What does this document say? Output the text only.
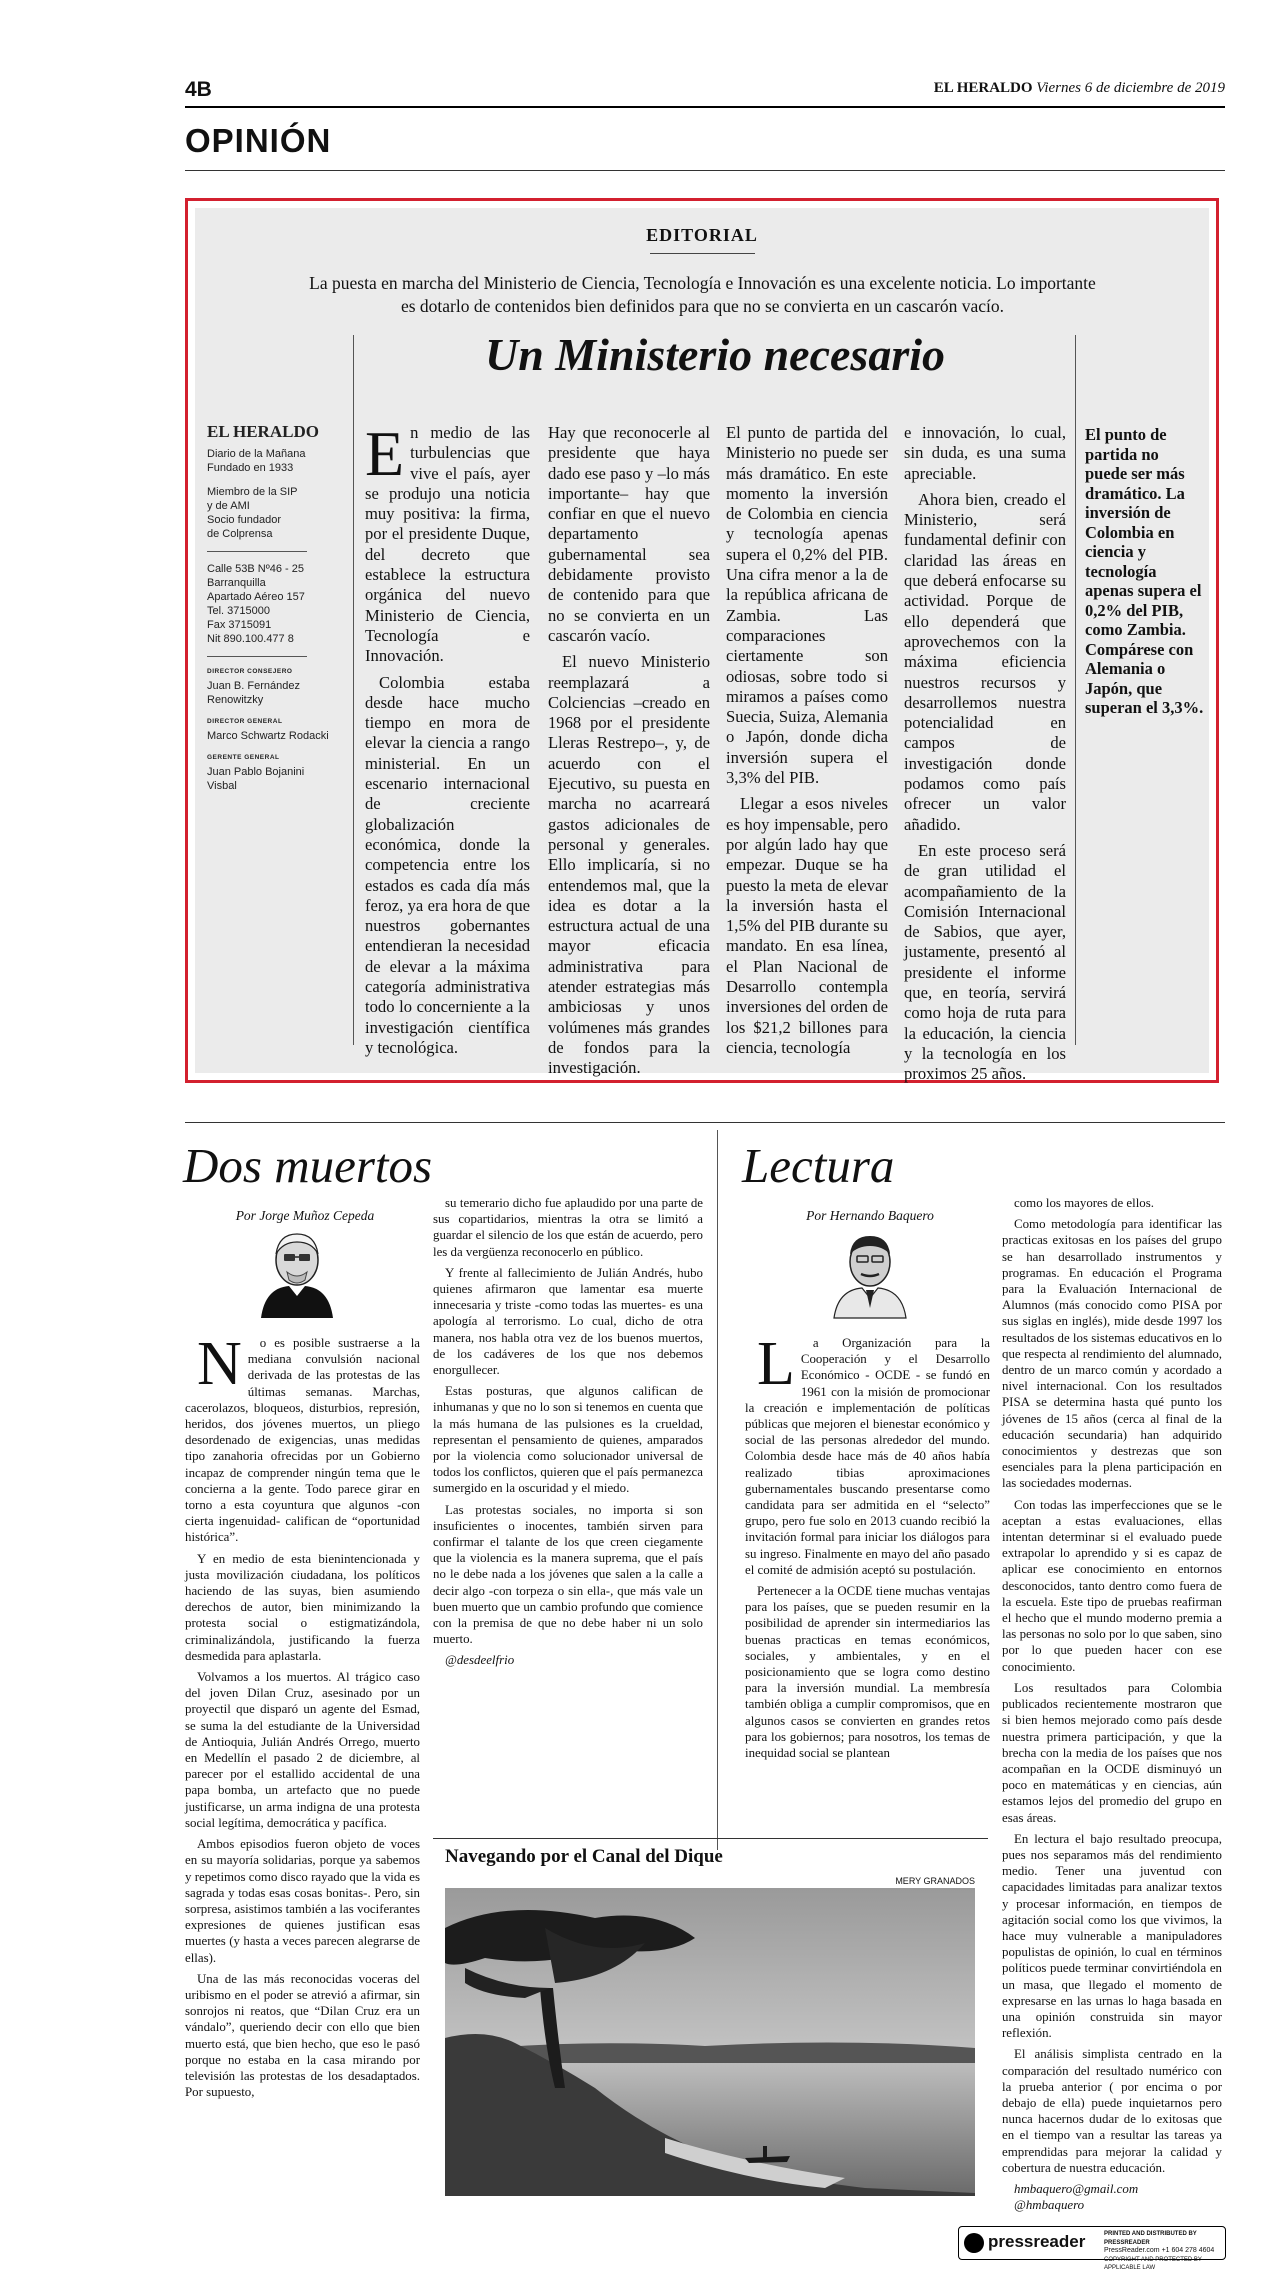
4B	EL HERALDO Viernes 6 de diciembre de 2019
OPINIÓN
EDITORIAL
La puesta en marcha del Ministerio de Ciencia, Tecnología e Innovación es una excelente noticia. Lo importante es dotarlo de contenidos bien definidos para que no se convierta en un cascarón vacío.
Un Ministerio necesario
EL HERALDO
Diario de la Mañana
Fundado en 1933
Miembro de la SIP
y de AMI
Socio fundador
de Colprensa
Calle 53B Nº46 - 25
Barranquilla
Apartado Aéreo 157
Tel. 3715000
Fax 3715091
Nit 890.100.477 8
DIRECTOR CONSEJERO
Juan B. Fernández Renowitzky
DIRECTOR GENERAL
Marco Schwartz Rodacki
GERENTE GENERAL
Juan Pablo Bojanini Visbal

En medio de las turbulencias que vive el país, ayer se produjo una noticia muy positiva: la firma, por el presidente Duque, del decreto que establece la estructura orgánica del nuevo Ministerio de Ciencia, Tecnología e Innovación.

Colombia estaba desde hace mucho tiempo en mora de elevar la ciencia a rango ministerial. En un escenario internacional de creciente globalización económica, donde la competencia entre los estados es cada día más feroz, ya era hora de que nuestros gobernantes entendieran la necesidad de elevar a la máxima categoría administrativa todo lo concerniente a la investigación científica y tecnológica.

Hay que reconocerle al presidente que haya dado ese paso y –lo más importante– hay que confiar en que el nuevo departamento gubernamental sea debidamente provisto de contenido para que no se convierta en un cascarón vacío.

El nuevo Ministerio reemplazará a Colciencias –creado en 1968 por el presidente Lleras Restrepo–, y, de acuerdo con el Ejecutivo, su puesta en marcha no acarreará gastos adicionales de personal y generales. Ello implicaría, si no entendemos mal, que la idea es dotar a la estructura actual de una mayor eficacia administrativa para atender estrategias más ambiciosas y unos volúmenes más grandes de fondos para la investigación.

El punto de partida del Ministerio no puede ser más dramático. En este momento la inversión de Colombia en ciencia y tecnología apenas supera el 0,2% del PIB. Una cifra menor a la de la república africana de Zambia. Las comparaciones ciertamente son odiosas, sobre todo si miramos a países como Suecia, Suiza, Alemania o Japón, donde dicha inversión supera el 3,3% del PIB.

Llegar a esos niveles es hoy impensable, pero por algún lado hay que empezar. Duque se ha puesto la meta de elevar la inversión hasta el 1,5% del PIB durante su mandato. En esa línea, el Plan Nacional de Desarrollo contempla inversiones del orden de los $21,2 billones para ciencia, tecnología

e innovación, lo cual, sin duda, es una suma apreciable.

Ahora bien, creado el Ministerio, será fundamental definir con claridad las áreas en que deberá enfocarse su actividad. Porque de ello dependerá que aprovechemos con la máxima eficiencia nuestros recursos y desarrollemos nuestra potencialidad en campos de investigación donde podamos como país ofrecer un valor añadido.

En este proceso será de gran utilidad el acompañamiento de la Comisión Internacional de Sabios, que ayer, justamente, presentó al presidente el informe que, en teoría, servirá como hoja de ruta para la educación, la ciencia y la tecnología en los proximos 25 años.

El punto de partida no puede ser más dramático. La inversión de Colombia en ciencia y tecnología apenas supera el 0,2% del PIB, como Zambia. Compárese con Alemania o Japón, que superan el 3,3%.
Dos muertos
Por Jorge Muñoz Cepeda

N	o es posible sustraerse a la mediana convulsión nacional derivada de las protestas de las últimas semanas. Marchas, cacerolazos, bloqueos, disturbios, represión, heridos, dos jóvenes muertos, un pliego desordenado de exigencias, unas medidas tipo zanahoria ofrecidas por un Gobierno incapaz de comprender ningún tema que le concierna a la gente. Todo parece girar en torno a esta coyuntura que algunos -con cierta ingenuidad- califican de “oportunidad histórica”.

Y en medio de esta bienintencionada y justa movilización ciudadana, los políticos haciendo de las suyas, bien asumiendo derechos de autor, bien minimizando la protesta social o estigmatizándola, criminalizándola, justificando la fuerza desmedida para aplastarla.

Volvamos a los muertos. Al trágico caso del joven Dilan Cruz, asesinado por un proyectil que disparó un agente del Esmad, se suma la del estudiante de la Universidad de Antioquia, Julián Andrés Orrego, muerto en Medellín el pasado 2 de diciembre, al parecer por el estallido accidental de una papa bomba, un artefacto que no puede justificarse, un arma indigna de una protesta social legítima, democrática y pacífica.

Ambos episodios fueron objeto de voces en su mayoría solidarias, porque ya sabemos y repetimos como disco rayado que la vida es sagrada y todas esas cosas bonitas-. Pero, sin sorpresa, asistimos también a las vociferantes expresiones de quienes justifican esas muertes (y hasta a veces parecen alegrarse de ellas).

Una de las más reconocidas voceras del uribismo en el poder se atrevió a afirmar, sin sonrojos ni reatos, que “Dilan Cruz era un vándalo”, queriendo decir con ello que bien muerto está, que bien hecho, que eso le pasó porque no estaba en la casa mirando por televisión las protestas de los desadaptados. Por supuesto,

su temerario dicho fue aplaudido por una parte de sus copartidarios, mientras la otra se limitó a guardar el silencio de los que están de acuerdo, pero les da vergüenza reconocerlo en público.

Y frente al fallecimiento de Julián Andrés, hubo quienes afirmaron que lamentar esa muerte innecesaria y triste -como todas las muertes- es una apología al terrorismo. Lo cual, dicho de otra manera, nos habla otra vez de los buenos muertos, de los cadáveres de los que nos debemos enorgullecer.

Estas posturas, que algunos califican de inhumanas y que no lo son si tenemos en cuenta que la más humana de las pulsiones es la crueldad, representan el pensamiento de quienes, amparados por la violencia como solucionador universal de todos los conflictos, quieren que el país permanezca sumergido en la oscuridad y el miedo.

Las protestas sociales, no importa si son insuficientes o inocentes, también sirven para confirmar el talante de los que creen ciegamente que la violencia es la manera suprema, que el país no le debe nada a los jóvenes que salen a la calle a decir algo -con torpeza o sin ella-, que más vale un buen muerto que un cambio profundo que comience con la premisa de que no debe haber ni un solo muerto.

@desdeelfrio

Lectura
Por Hernando Baquero

L	a Organización para la Cooperación y el Desarrollo Económico - OCDE - se fundó en 1961 con la misión de promocionar la creación e implementación de políticas públicas que mejoren el bienestar económico y social de las personas alrededor del mundo. Colombia desde hace más de 40 años había realizado tibias aproximaciones gubernamentales buscando presentarse como candidata para ser admitida en el “selecto” grupo, pero fue solo en 2013 cuando recibió la invitación formal para iniciar los diálogos para su ingreso. Finalmente en mayo del año pasado el comité de admisión aceptó su postulación.

Pertenecer a la OCDE tiene muchas ventajas para los países, que se pueden resumir en la posibilidad de aprender sin intermediarios las buenas practicas en temas económicos, sociales, y ambientales, y en el posicionamiento que se logra como destino para la inversión mundial. La membresía también obliga a cumplir compromisos, que en algunos casos se convierten en grandes retos para los gobiernos; para nosotros, los temas de inequidad social se plantean

como los mayores de ellos.

Como metodología para identificar las practicas exitosas en los países del grupo se han desarrollado instrumentos y programas. En educación el Programa para la Evaluación Internacional de Alumnos (más conocido como PISA por sus siglas en inglés), mide desde 1997 los resultados de los sistemas educativos en lo que respecta al rendimiento del alumnado, dentro de un marco común y acordado a nivel internacional. Con los resultados PISA se determina hasta qué punto los jóvenes de 15 años (cerca al final de la educación secundaria) han adquirido conocimientos y destrezas que son esenciales para la plena participación en las sociedades modernas.

Con todas las imperfecciones que se le aceptan a estas evaluaciones, ellas intentan determinar si el evaluado puede extrapolar lo aprendido y si es capaz de aplicar ese conocimiento en entornos desconocidos, tanto dentro como fuera de la escuela. Este tipo de pruebas reafirman el hecho que el mundo moderno premia a las personas no solo por lo que saben, sino por lo que pueden hacer con ese conocimiento.

Los resultados para Colombia publicados recientemente mostraron que si bien hemos mejorado como país desde nuestra primera participación, y que la brecha con la media de los países que nos acompañan en la OCDE disminuyó un poco en matemáticas y en ciencias, aún estamos lejos del promedio del grupo en esas áreas.

En lectura el bajo resultado preocupa, pues nos separamos más del rendimiento medio. Tener una juventud con capacidades limitadas para analizar textos y procesar información, en tiempos de agitación social como los que vivimos, la hace muy vulnerable a manipuladores populistas de opinión, lo cual en términos políticos puede terminar convirtiéndola en un masa, que llegado el momento de expresarse en las urnas lo haga basada en una opinión construida sin mayor reflexión.

El análisis simplista centrado en la comparación del resultado numérico con la prueba anterior ( por encima o por debajo de ella) puede inquietarnos pero nunca hacernos dudar de lo exitosas que en el tiempo van a resultar las tareas ya emprendidas para mejorar la calidad y cobertura de nuestra educación.

hmbaquero@gmail.com

@hmbaquero

Navegando por el Canal del Dique
MERY GRANADOS
pressreader	PRINTED AND DISTRIBUTED BY PRESSREADER
PressReader.com +1 604 278 4604
COPYRIGHT AND PROTECTED BY APPLICABLE LAW
